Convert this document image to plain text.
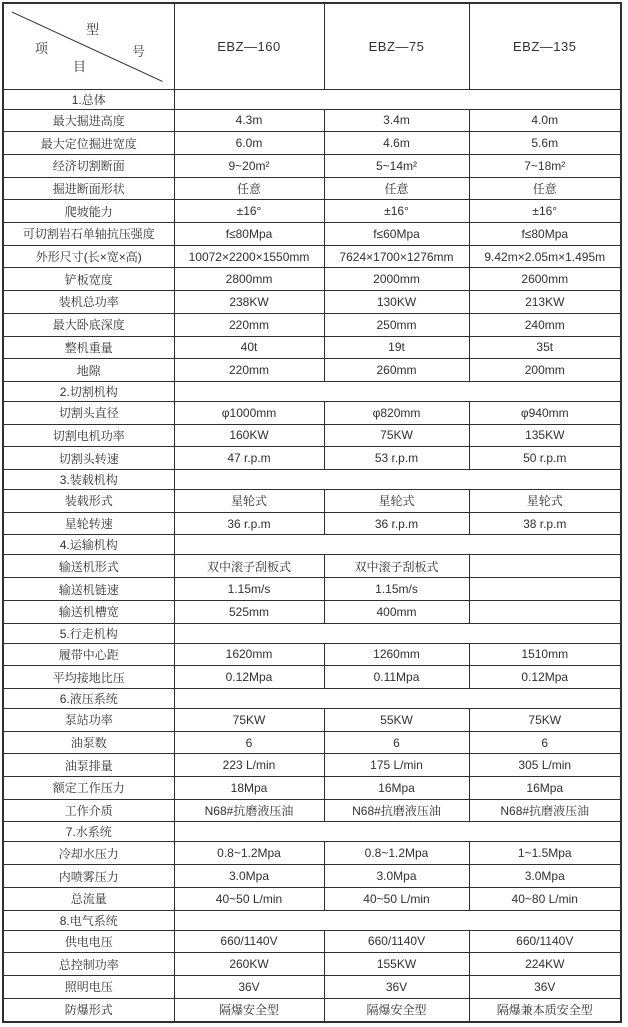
型
号
项
目	EBZ—160	EBZ—75	EBZ—135
1.总体			
最大掘进高度	4.3m	3.4m	4.0m
最大定位掘进宽度	6.0m	4.6m	5.6m
经济切割断面	9~20m²	5~14m²	7~18m²
掘进断面形状	任意	任意	任意
爬坡能力	±16°	±16°	±16°
可切割岩石单轴抗压强度	f≤80Mpa	f≤60Mpa	f≤80Mpa
外形尺寸(长×宽×高)	10072×2200×1550mm	7624×1700×1276mm	9.42m×2.05m×1.495m
铲板宽度	2800mm	2000mm	2600mm
装机总功率	238KW	130KW	213KW
最大卧底深度	220mm	250mm	240mm
整机重量	40t	19t	35t
地隙	220mm	260mm	200mm
2.切割机构			
切割头直径	φ1000mm	φ820mm	φ940mm
切割电机功率	160KW	75KW	135KW
切割头转速	47 r.p.m	53 r.p.m	50 r.p.m
3.装载机构			
装载形式	星轮式	星轮式	星轮式
星轮转速	36 r.p.m	36 r.p.m	38 r.p.m
4.运输机构			
输送机形式	双中滚子刮板式	双中滚子刮板式	
输送机链速	1.15m/s	1.15m/s	
输送机槽宽	525mm	400mm	
5.行走机构			
履带中心距	1620mm	1260mm	1510mm
平均接地比压	0.12Mpa	0.11Mpa	0.12Mpa
6.液压系统			
泵站功率	75KW	55KW	75KW
油泵数	6	6	6
油泵排量	223 L/min	175 L/min	305 L/min
额定工作压力	18Mpa	16Mpa	16Mpa
工作介质	N68#抗磨液压油	N68#抗磨液压油	N68#抗磨液压油
7.水系统			
冷却水压力	0.8~1.2Mpa	0.8~1.2Mpa	1~1.5Mpa
内喷雾压力	3.0Mpa	3.0Mpa	3.0Mpa
总流量	40~50 L/min	40~50 L/min	40~80 L/min
8.电气系统			
供电电压	660/1140V	660/1140V	660/1140V
总控制功率	260KW	155KW	224KW
照明电压	36V	36V	36V
防爆形式	隔爆安全型	隔爆安全型	隔爆兼本质安全型
